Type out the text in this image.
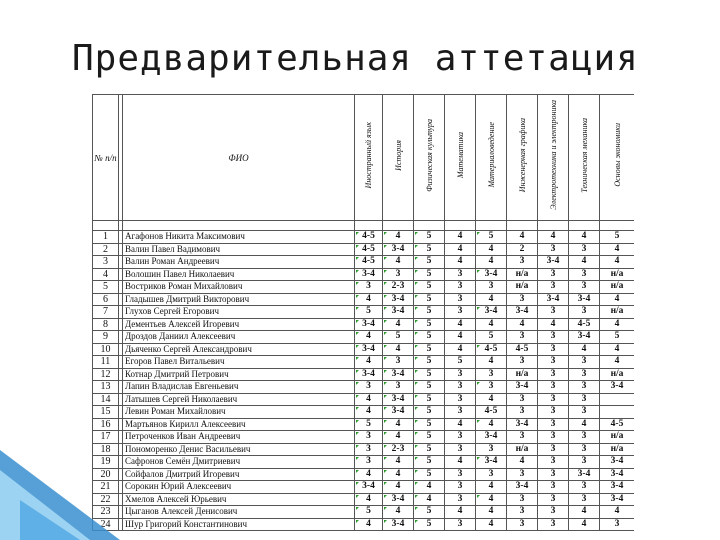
Предварительная аттетация
№ п/п		ФИО	Иностранный язык	История	Физическая культура	Математика	Материаловедение	Инженерная графика	Электротехника и электроника	Техническая механика	Основы экономики

1		Агафонов Никита Максимович	4-5	4	5	4	5	4	4	4	5
2		Валин Павел Вадимович	4-5	3-4	5	4	4	2	3	3	4
3		Валин Роман Андреевич	4-5	4	5	4	4	3	3-4	4	4
4		Волошин Павел Николаевич	3-4	3	5	3	3-4	н/а	3	3	н/а
5		Востриков Роман Михайлович	3	2-3	5	3	3	н/а	3	3	н/а
6		Гладышев Дмитрий Викторович	4	3-4	5	3	4	3	3-4	3-4	4
7		Глухов Сергей Егорович	5	3-4	5	3	3-4	3-4	3	3	н/а
8		Дементьев Алексей Игоревич	3-4	4	5	4	4	4	4	4-5	4
9		Дроздов Даниил Алексеевич	4	5	5	4	5	3	3	3-4	5
10		Дьяченко Сергей Александрович	3-4	4	5	4	4-5	4-5	3	4	4
11		Егоров Павел Витальевич	4	3	5	5	4	3	3	3	4
12		Котнар Дмитрий Петрович	3-4	3-4	5	3	3	н/а	3	3	н/а
13		Лапин Владислав Евгеньевич	3	3	5	3	3	3-4	3	3	3-4
14		Латышев Сергей Николаевич	4	3-4	5	3	4	3	3	3	
15		Левин Роман Михайлович	4	3-4	5	3	4-5	3	3	3	
16		Мартьянов Кирилл Алексеевич	5	4	5	4	4	3-4	3	4	4-5
17		Петроченков Иван Андреевич	3	4	5	3	3-4	3	3	3	н/а
18		Пономоренко Денис Васильевич	3	2-3	5	3	3	н/а	3	3	н/а
19		Сафронов Семён Дмитриевич	3	4	5	4	3-4	4	3	3	3-4
20		Сойфалов Дмитрий Игоревич	4	4	5	3	3	3	3	3-4	3-4
21		Сорокин Юрий Алексеевич	3-4	4	4	3	4	3-4	3	3	3-4
22		Хмелов Алексей Юрьевич	4	3-4	4	3	4	3	3	3	3-4
23		Цыганов Алексей Денисович	5	4	5	4	4	3	3	4	4
24		Шур Григорий Константинович	4	3-4	5	3	4	3	3	4	3
